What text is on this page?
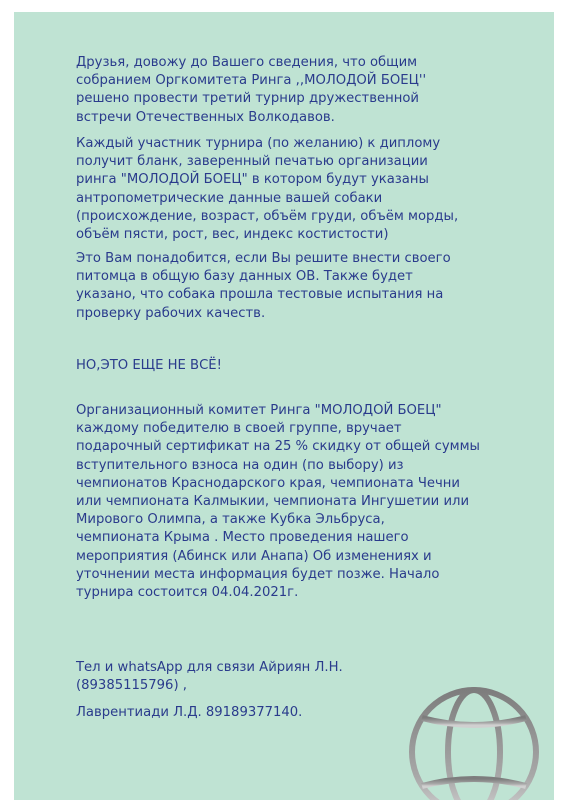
Друзья, довожу до Вашего сведения, что общим
собранием Оргкомитета Ринга ,,МОЛОДОЙ БОЕЦ''
решено провести третий турнир дружественной
встречи Отечественных Волкодавов.

Каждый участник турнира (по желанию) к диплому
получит бланк, заверенный печатью организации
ринга "МОЛОДОЙ БОЕЦ" в котором будут указаны
антропометрические данные вашей собаки
(происхождение, возраст, объём груди, объём морды,
объём пясти, рост, вес, индекс костистости)

Это Вам понадобится, если Вы решите внести своего
питомца в общую базу данных ОВ. Также будет
указано, что собака прошла тестовые испытания на
проверку рабочих качеств.

НО,ЭТО ЕЩЕ НЕ ВСЁ!

Организационный комитет Ринга "МОЛОДОЙ БОЕЦ"
каждому победителю в своей группе, вручает
подарочный сертификат на 25 % скидку от общей суммы
вступительного взноса на один (по выбору) из
чемпионатов Краснодарского края, чемпионата Чечни
или чемпионата Калмыкии, чемпионата Ингушетии или
Мирового Олимпа, а также Кубка Эльбруса,
чемпионата Крыма . Место проведения нашего
мероприятия (Абинск или Анапа) Об изменениях и
уточнении места информация будет позже. Начало
турнира состоится 04.04.2021г.

Тел и whatsApp для связи Айриян Л.Н.
(89385115796) ,

Лаврентиади Л.Д. 89189377140.
